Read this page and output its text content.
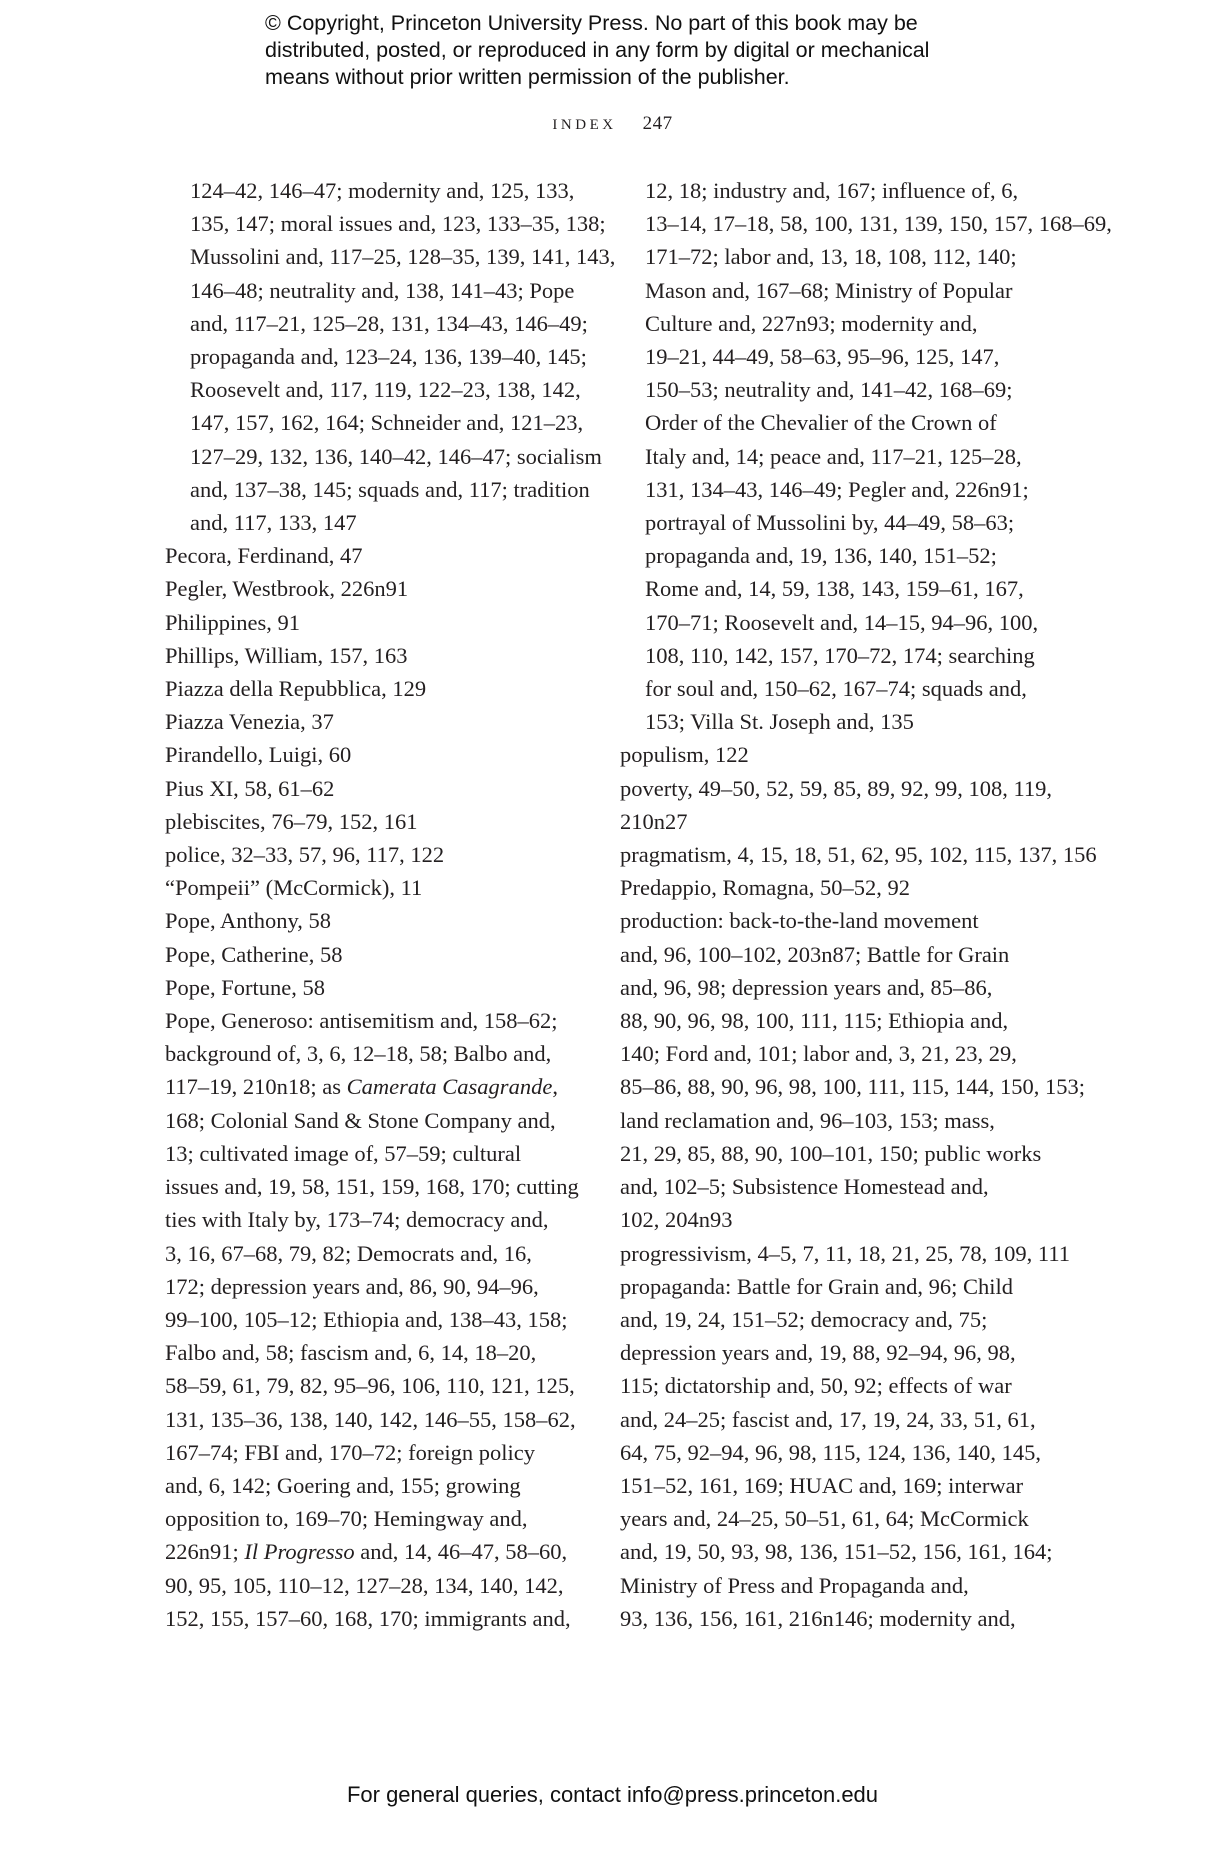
© Copyright, Princeton University Press. No part of this book may be
distributed, posted, or reproduced in any form by digital or mechanical
means without prior written permission of the publisher.
INDEX 247
124–42, 146–47; modernity and, 125, 133,
135, 147; moral issues and, 123, 133–35, 138;
Mussolini and, 117–25, 128–35, 139, 141, 143,
146–48; neutrality and, 138, 141–43; Pope
and, 117–21, 125–28, 131, 134–43, 146–49;
propaganda and, 123–24, 136, 139–40, 145;
Roosevelt and, 117, 119, 122–23, 138, 142,
147, 157, 162, 164; Schneider and, 121–23,
127–29, 132, 136, 140–42, 146–47; socialism
and, 137–38, 145; squads and, 117; tradition
and, 117, 133, 147
Pecora, Ferdinand, 47
Pegler, Westbrook, 226n91
Philippines, 91
Phillips, William, 157, 163
Piazza della Repubblica, 129
Piazza Venezia, 37
Pirandello, Luigi, 60
Pius XI, 58, 61–62
plebiscites, 76–79, 152, 161
police, 32–33, 57, 96, 117, 122
“Pompeii” (McCormick), 11
Pope, Anthony, 58
Pope, Catherine, 58
Pope, Fortune, 58
Pope, Generoso: antisemitism and, 158–62;
background of, 3, 6, 12–18, 58; Balbo and,
117–19, 210n18; as Camerata Casagrande,
168; Colonial Sand & Stone Company and,
13; cultivated image of, 57–59; cultural
issues and, 19, 58, 151, 159, 168, 170; cutting
ties with Italy by, 173–74; democracy and,
3, 16, 67–68, 79, 82; Democrats and, 16,
172; depression years and, 86, 90, 94–96,
99–100, 105–12; Ethiopia and, 138–43, 158;
Falbo and, 58; fascism and, 6, 14, 18–20,
58–59, 61, 79, 82, 95–96, 106, 110, 121, 125,
131, 135–36, 138, 140, 142, 146–55, 158–62,
167–74; FBI and, 170–72; foreign policy
and, 6, 142; Goering and, 155; growing
opposition to, 169–70; Hemingway and,
226n91; Il Progresso and, 14, 46–47, 58–60,
90, 95, 105, 110–12, 127–28, 134, 140, 142,
152, 155, 157–60, 168, 170; immigrants and,
12, 18; industry and, 167; influence of, 6,
13–14, 17–18, 58, 100, 131, 139, 150, 157, 168–69,
171–72; labor and, 13, 18, 108, 112, 140;
Mason and, 167–68; Ministry of Popular
Culture and, 227n93; modernity and,
19–21, 44–49, 58–63, 95–96, 125, 147,
150–53; neutrality and, 141–42, 168–69;
Order of the Chevalier of the Crown of
Italy and, 14; peace and, 117–21, 125–28,
131, 134–43, 146–49; Pegler and, 226n91;
portrayal of Mussolini by, 44–49, 58–63;
propaganda and, 19, 136, 140, 151–52;
Rome and, 14, 59, 138, 143, 159–61, 167,
170–71; Roosevelt and, 14–15, 94–96, 100,
108, 110, 142, 157, 170–72, 174; searching
for soul and, 150–62, 167–74; squads and,
153; Villa St. Joseph and, 135
populism, 122
poverty, 49–50, 52, 59, 85, 89, 92, 99, 108, 119,
210n27
pragmatism, 4, 15, 18, 51, 62, 95, 102, 115, 137, 156
Predappio, Romagna, 50–52, 92
production: back-to-the-land movement
and, 96, 100–102, 203n87; Battle for Grain
and, 96, 98; depression years and, 85–86,
88, 90, 96, 98, 100, 111, 115; Ethiopia and,
140; Ford and, 101; labor and, 3, 21, 23, 29,
85–86, 88, 90, 96, 98, 100, 111, 115, 144, 150, 153;
land reclamation and, 96–103, 153; mass,
21, 29, 85, 88, 90, 100–101, 150; public works
and, 102–5; Subsistence Homestead and,
102, 204n93
progressivism, 4–5, 7, 11, 18, 21, 25, 78, 109, 111
propaganda: Battle for Grain and, 96; Child
and, 19, 24, 151–52; democracy and, 75;
depression years and, 19, 88, 92–94, 96, 98,
115; dictatorship and, 50, 92; effects of war
and, 24–25; fascist and, 17, 19, 24, 33, 51, 61,
64, 75, 92–94, 96, 98, 115, 124, 136, 140, 145,
151–52, 161, 169; HUAC and, 169; interwar
years and, 24–25, 50–51, 61, 64; McCormick
and, 19, 50, 93, 98, 136, 151–52, 156, 161, 164;
Ministry of Press and Propaganda and,
93, 136, 156, 161, 216n146; modernity and,
For general queries, contact info@press.princeton.edu
